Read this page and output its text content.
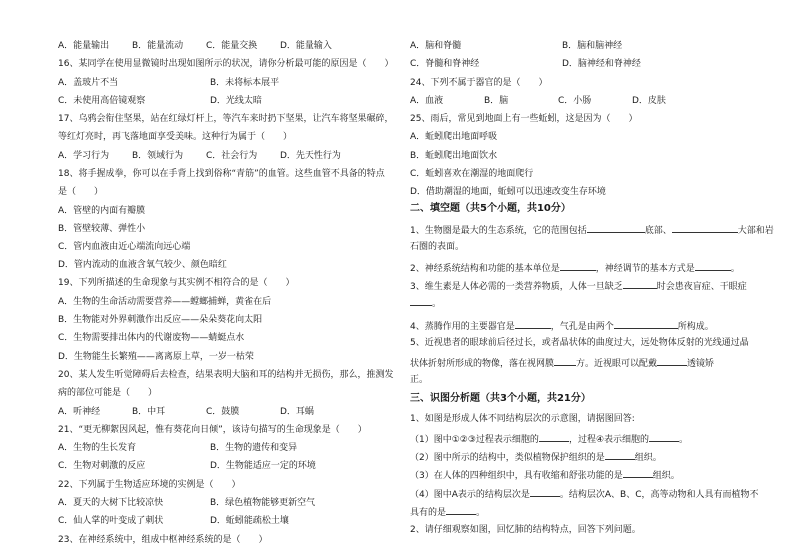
A．能量输出	B．能量流动	C．能量交换	D．能量输入
16、某同学在使用显微镜时出现如图所示的状况，请你分析最可能的原因是（　　）
A．盖玻片不当	B．未将标本展平
C．未使用高倍镜观察	D．光线太暗
17、乌鸦会衔住坚果，站在红绿灯杆上，等汽车来时扔下坚果，让汽车将坚果碾碎，
等红灯亮时，再飞落地面享受美味。这种行为属于（　　）
A．学习行为	B．领域行为	C．社会行为	D．先天性行为
18、将手握成拳，你可以在手背上找到俗称“青筋”的血管。这些血管不具备的特点
是（　　）
A．管壁的内面有瓣膜
B．管壁较薄、弹性小
C．管内血液由近心端流向远心端
D．管内流动的血液含氧气较少、颜色暗红
19、下列所描述的生命现象与其实例不相符合的是（　　）
A．生物的生命活动需要营养——螳螂捕蝉，黄雀在后
B．生物能对外界刺激作出反应——朵朵葵花向太阳
C．生物需要排出体内的代谢废物——蜻蜓点水
D．生物能生长繁殖——离离原上草，一岁一枯荣
20、某人发生听觉障碍后去检查，结果表明大脑和耳的结构并无损伤，那么，推测发
病的部位可能是（　　）
A．听神经	B．中耳	C．鼓膜	D．耳蜗
21、“更无柳絮因风起，惟有葵花向日倾”，该诗句描写的生命现象是（　　）
A．生物的生长发育	B．生物的遗传和变异
C．生物对刺激的反应	D．生物能适应一定的环境
22、下列属于生物适应环境的实例是（　　）
A．夏天的大树下比较凉快	B．绿色植物能够更新空气
C．仙人掌的叶变成了刺状	D．蚯蚓能疏松土壤
23、在神经系统中，组成中枢神经系统的是（　　）
A．脑和脊髓	B．脑和脑神经
C．脊髓和脊神经	D．脑神经和脊神经
24、下列不属于器官的是（　　）
A．血液	B．脑	C．小肠	D．皮肤
25、雨后，常见到地面上有一些蚯蚓，这是因为（　　）
A．蚯蚓爬出地面呼吸
B．蚯蚓爬出地面饮水
C．蚯蚓喜欢在潮湿的地面爬行
D．借助潮湿的地面，蚯蚓可以迅速改变生存环境
二、填空题（共5个小题，共10分）
1、生物圈是最大的生态系统，它的范围包括	底部、	大部和岩
石圈的表面。
2、神经系统结构和功能的基本单位是	，神经调节的基本方式是	。
3、维生素是人体必需的一类营养物质，人体一旦缺乏	时会患夜盲症、干眼症
。
4、蒸腾作用的主要器官是	，气孔是由两个	所构成。
5、近视患者的眼球前后径过长，或者晶状体的曲度过大，远处物体反射的光线通过晶
状体折射所形成的物像，落在视网膜 方。近视眼可以配戴	透镜矫
正。
三、识图分析题（共3个小题，共21分）
1、如图是形成人体不同结构层次的示意图，请据图回答:
（1）图中①②③过程表示细胞的	，过程④表示细胞的	。
（2）图中所示的结构中，类似植物保护组织的是	组织。
（3）在人体的四种组织中，具有收缩和舒张功能的是	组织。
（4）图中A表示的结构层次是	。结构层次A、B、C，高等动物和人具有而植物不
具有的是	。
2、请仔细观察如图，回忆肺的结构特点，回答下列问题。
